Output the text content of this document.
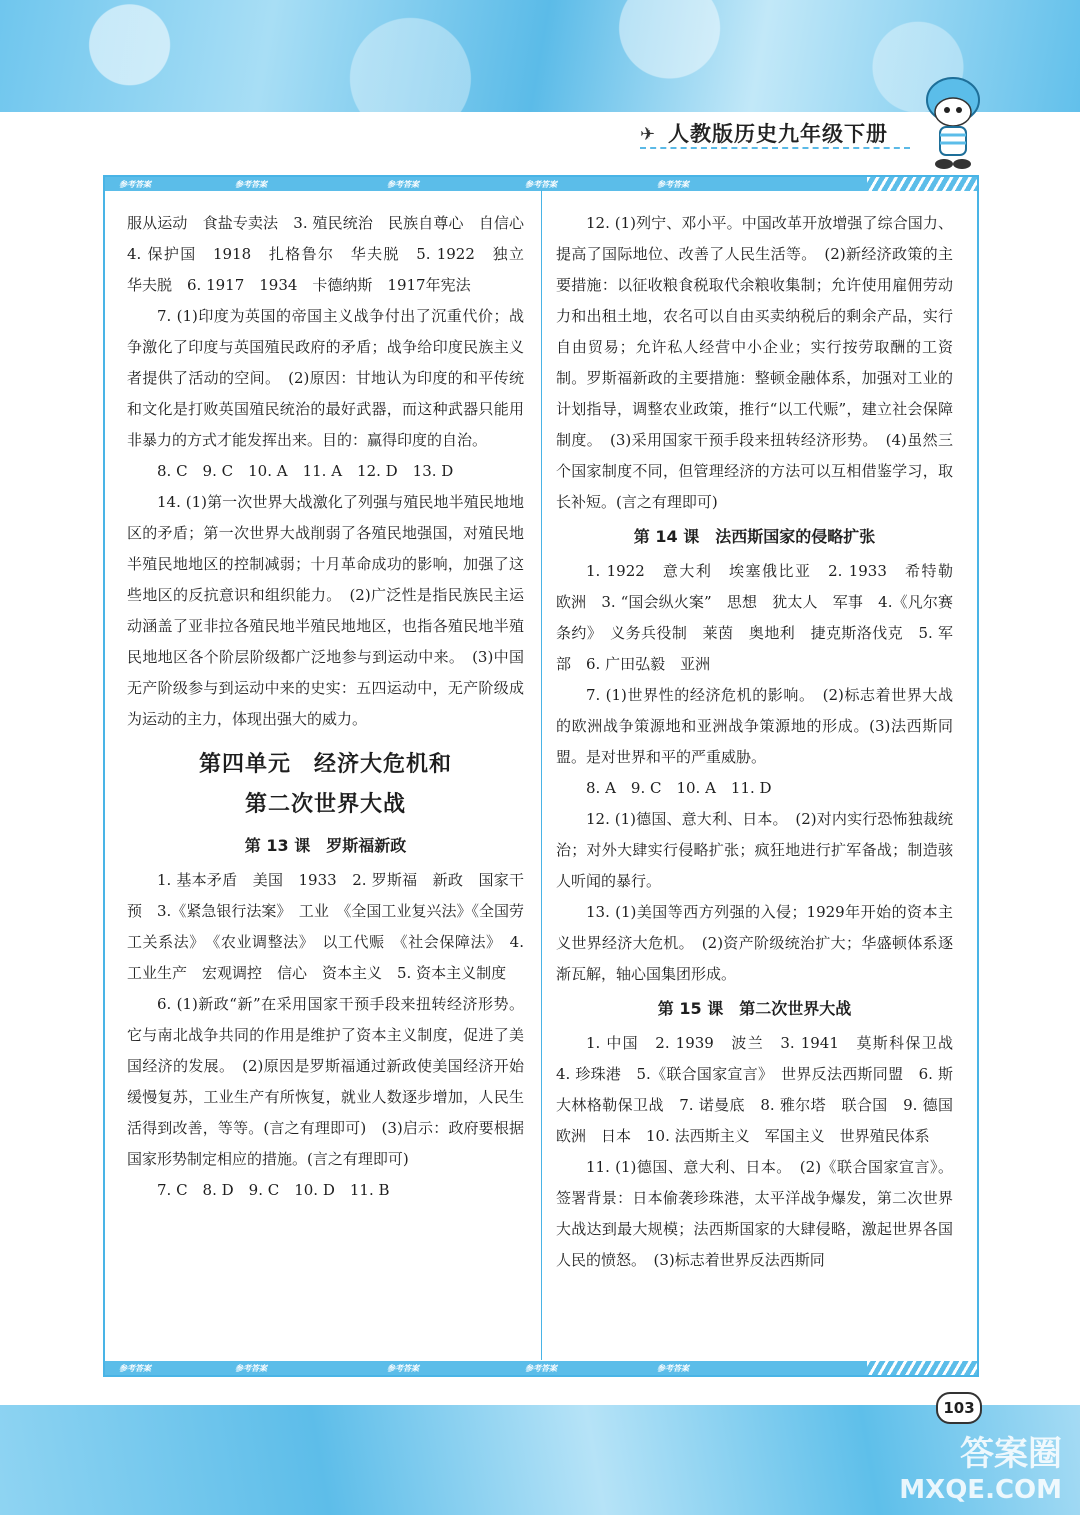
✈ 人教版历史九年级下册
参考答案	参考答案	参考答案	参考答案	参考答案
参考答案	参考答案	参考答案	参考答案	参考答案

服从运动　食盐专卖法　3. 殖民统治　民族自尊心　自信心　4. 保护国　1918　扎格鲁尔　华夫脱　5. 1922　独立　华夫脱　6. 1917　1934　卡德纳斯　1917年宪法

7. (1)印度为英国的帝国主义战争付出了沉重代价；战争激化了印度与英国殖民政府的矛盾；战争给印度民族主义者提供了活动的空间。　(2)原因：甘地认为印度的和平传统和文化是打败英国殖民统治的最好武器，而这种武器只能用非暴力的方式才能发挥出来。目的：赢得印度的自治。

8. C　9. C　10. A　11. A　12. D　13. D

14. (1)第一次世界大战激化了列强与殖民地半殖民地地区的矛盾；第一次世界大战削弱了各殖民地强国，对殖民地半殖民地地区的控制减弱；十月革命成功的影响，加强了这些地区的反抗意识和组织能力。　(2)广泛性是指民族民主运动涵盖了亚非拉各殖民地半殖民地地区，也指各殖民地半殖民地地区各个阶层阶级都广泛地参与到运动中来。　(3)中国无产阶级参与到运动中来的史实：五四运动中，无产阶级成为运动的主力，体现出强大的威力。

第四单元　经济大危机和
第二次世界大战
第 13 课　罗斯福新政

1. 基本矛盾　美国　1933　2. 罗斯福　新政　国家干预　3.《紧急银行法案》　工业　《全国工业复兴法》《全国劳工关系法》　《农业调整法》　以工代赈　《社会保障法》　4. 工业生产　宏观调控　信心　资本主义　5. 资本主义制度

6. (1)新政“新”在采用国家干预手段来扭转经济形势。它与南北战争共同的作用是维护了资本主义制度，促进了美国经济的发展。　(2)原因是罗斯福通过新政使美国经济开始缓慢复苏，工业生产有所恢复，就业人数逐步增加，人民生活得到改善，等等。(言之有理即可)　(3)启示：政府要根据国家形势制定相应的措施。(言之有理即可)

7. C　8. D　9. C　10. D　11. B

12. (1)列宁、邓小平。中国改革开放增强了综合国力、提高了国际地位、改善了人民生活等。　(2)新经济政策的主要措施：以征收粮食税取代余粮收集制；允许使用雇佣劳动力和出租土地，农名可以自由买卖纳税后的剩余产品，实行自由贸易；允许私人经营中小企业；实行按劳取酬的工资制。罗斯福新政的主要措施：整顿金融体系，加强对工业的计划指导，调整农业政策，推行“以工代赈”，建立社会保障制度。　(3)采用国家干预手段来扭转经济形势。　(4)虽然三个国家制度不同，但管理经济的方法可以互相借鉴学习，取长补短。(言之有理即可)

第 14 课　法西斯国家的侵略扩张

1. 1922　意大利　埃塞俄比亚　2. 1933　希特勒　欧洲　3. “国会纵火案”　思想　犹太人　军事　4.《凡尔赛条约》　义务兵役制　莱茵　奥地利　捷克斯洛伐克　5. 军部　6. 广田弘毅　亚洲

7. (1)世界性的经济危机的影响。　(2)标志着世界大战的欧洲战争策源地和亚洲战争策源地的形成。(3)法西斯同盟。是对世界和平的严重威胁。

8. A　9. C　10. A　11. D

12. (1)德国、意大利、日本。　(2)对内实行恐怖独裁统治；对外大肆实行侵略扩张；疯狂地进行扩军备战；制造骇人听闻的暴行。

13. (1)美国等西方列强的入侵；1929年开始的资本主义世界经济大危机。　(2)资产阶级统治扩大；华盛顿体系逐渐瓦解，轴心国集团形成。

第 15 课　第二次世界大战

1. 中国　2. 1939　波兰　3. 1941　莫斯科保卫战　4. 珍珠港　5.《联合国家宣言》　世界反法西斯同盟　6. 斯大林格勒保卫战　7. 诺曼底　8. 雅尔塔　联合国　9. 德国　欧洲　日本　10. 法西斯主义　军国主义　世界殖民体系

11. (1)德国、意大利、日本。　(2)《联合国家宣言》。签署背景：日本偷袭珍珠港，太平洋战争爆发，第二次世界大战达到最大规模；法西斯国家的大肆侵略，激起世界各国人民的愤怒。　(3)标志着世界反法西斯同

答案圈
MXQE.COM
103
